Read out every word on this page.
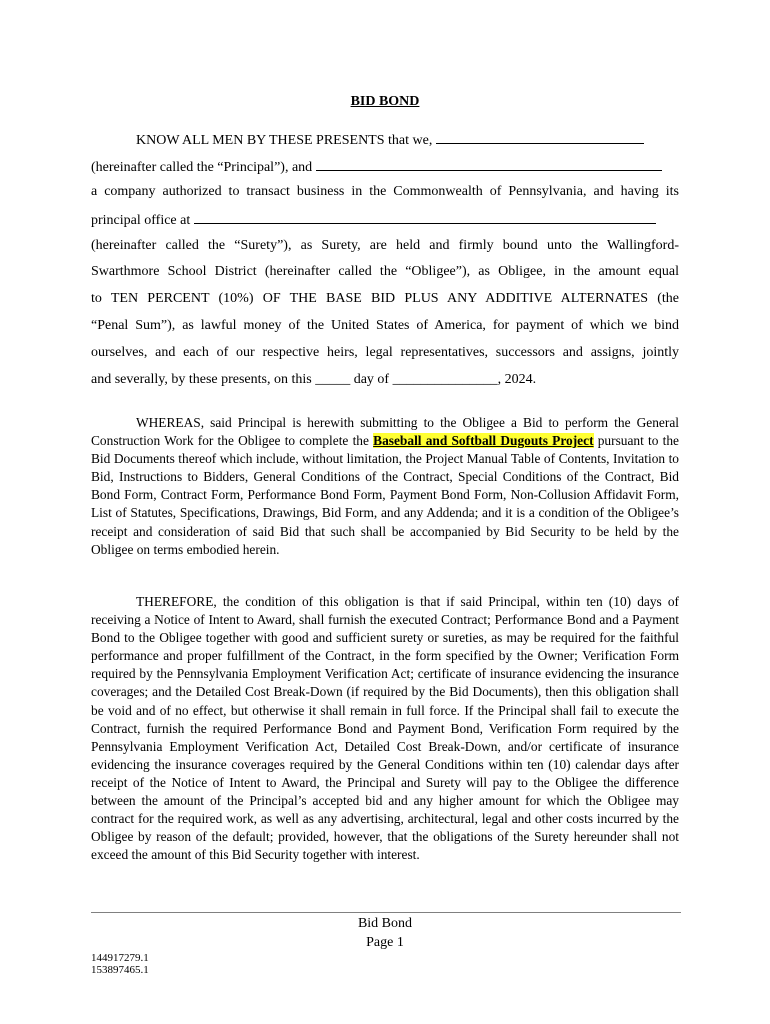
BID BOND
KNOW ALL MEN BY THESE PRESENTS that we,
(hereinafter called the “Principal”), and
a company authorized to transact business in the Commonwealth of Pennsylvania, and having its
principal office at
(hereinafter called the “Surety”), as Surety, are held and firmly bound unto the Wallingford-
Swarthmore School District (hereinafter called the “Obligee”), as Obligee, in the amount equal
to TEN PERCENT (10%) OF THE BASE BID PLUS ANY ADDITIVE ALTERNATES (the
“Penal Sum”), as lawful money of the United States of America, for payment of which we bind
ourselves, and each of our respective heirs, legal representatives, successors and assigns, jointly
and severally, by these presents, on this _____ day of _______________, 2024.
WHEREAS, said Principal is herewith submitting to the Obligee a Bid to perform the General Construction Work for the Obligee to complete the Baseball and Softball Dugouts Project pursuant to the Bid Documents thereof which include, without limitation, the Project Manual Table of Contents, Invitation to Bid, Instructions to Bidders, General Conditions of the Contract, Special Conditions of the Contract, Bid Bond Form, Contract Form, Performance Bond Form, Payment Bond Form, Non-Collusion Affidavit Form, List of Statutes, Specifications, Drawings, Bid Form, and any Addenda; and it is a condition of the Obligee’s receipt and consideration of said Bid that such shall be accompanied by Bid Security to be held by the Obligee on terms embodied herein.
THEREFORE, the condition of this obligation is that if said Principal, within ten (10) days of receiving a Notice of Intent to Award, shall furnish the executed Contract; Performance Bond and a Payment Bond to the Obligee together with good and sufficient surety or sureties, as may be required for the faithful performance and proper fulfillment of the Contract, in the form specified by the Owner; Verification Form required by the Pennsylvania Employment Verification Act; certificate of insurance evidencing the insurance coverages; and the Detailed Cost Break-Down (if required by the Bid Documents), then this obligation shall be void and of no effect, but otherwise it shall remain in full force. If the Principal shall fail to execute the Contract, furnish the required Performance Bond and Payment Bond, Verification Form required by the Pennsylvania Employment Verification Act, Detailed Cost Break-Down, and/or certificate of insurance evidencing the insurance coverages required by the General Conditions within ten (10) calendar days after receipt of the Notice of Intent to Award, the Principal and Surety will pay to the Obligee the difference between the amount of the Principal’s accepted bid and any higher amount for which the Obligee may contract for the required work, as well as any advertising, architectural, legal and other costs incurred by the Obligee by reason of the default; provided, however, that the obligations of the Surety hereunder shall not exceed the amount of this Bid Security together with interest.
Bid Bond
Page 1
144917279.1
153897465.1
